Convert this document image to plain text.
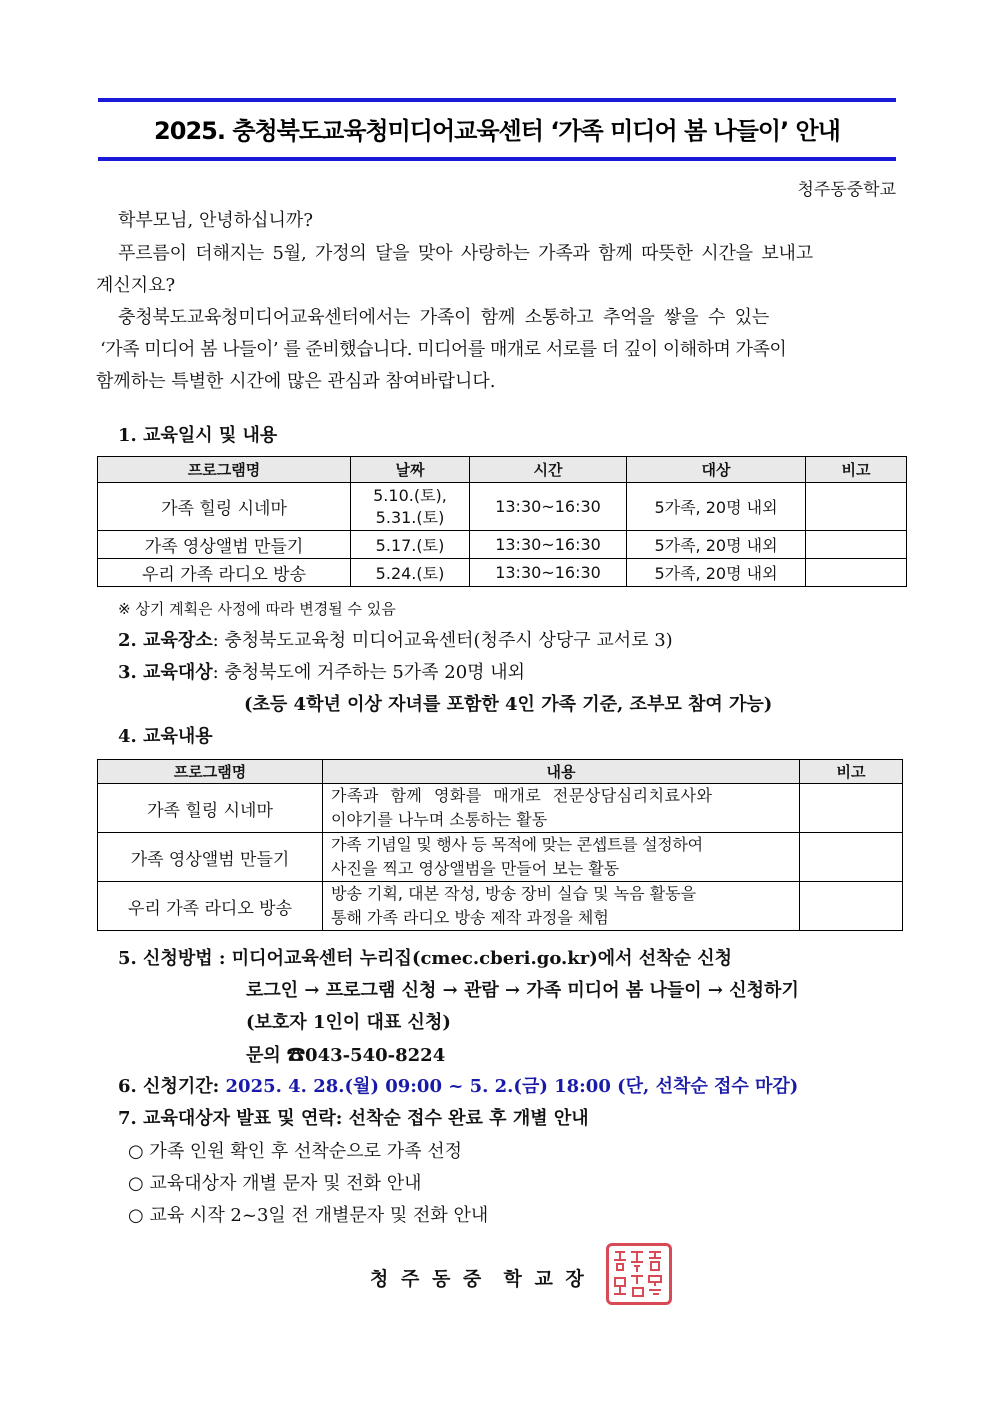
2025. 충청북도교육청미디어교육센터 ‘가족 미디어 봄 나들이’ 안내
청주동중학교
학부모님, 안녕하십니까?
푸르름이 더해지는 5월, 가정의 달을 맞아 사랑하는 가족과 함께 따뜻한 시간을 보내고
계신지요?
충청북도교육청미디어교육센터에서는 가족이 함께 소통하고 추억을 쌓을 수 있는
‘가족 미디어 봄 나들이’ 를 준비했습니다. 미디어를 매개로 서로를 더 깊이 이해하며 가족이
함께하는 특별한 시간에 많은 관심과 참여바랍니다.
1. 교육일시 및 내용
프로그램명	날짜	시간	대상	비고
가족 힐링 시네마	5.10.(토),
5.31.(토)	13:30~16:30	5가족, 20명 내외	
가족 영상앨범 만들기	5.17.(토)	13:30~16:30	5가족, 20명 내외	
우리 가족 라디오 방송	5.24.(토)	13:30~16:30	5가족, 20명 내외	
※ 상기 계획은 사정에 따라 변경될 수 있음
2. 교육장소: 충청북도교육청 미디어교육센터(청주시 상당구 교서로 3)
3. 교육대상: 충청북도에 거주하는 5가족 20명 내외
(초등 4학년 이상 자녀를 포함한 4인 가족 기준, 조부모 참여 가능)
4. 교육내용
프로그램명	내용	비고
가족 힐링 시네마	가족과 함께 영화를 매개로 전문상담심리치료사와
이야기를 나누며 소통하는 활동	

가족 영상앨범 만들기	가족 기념일 및 행사 등 목적에 맞는 콘셉트를 설정하여
사진을 찍고 영상앨범을 만들어 보는 활동	

우리 가족 라디오 방송	방송 기획, 대본 작성, 방송 장비 실습 및 녹음 활동을
통해 가족 라디오 방송 제작 과정을 체험	

5. 신청방법 : 미디어교육센터 누리집(cmec.cberi.go.kr)에서 선착순 신청
로그인 → 프로그램 신청 → 관람 → 가족 미디어 봄 나들이 → 신청하기
(보호자 1인이 대표 신청)
문의 ☎043-540-8224
6. 신청기간: 2025. 4. 28.(월) 09:00 ~ 5. 2.(금) 18:00 (단, 선착순 접수 마감)
7. 교육대상자 발표 및 연락: 선착순 접수 완료 후 개별 안내
○ 가족 인원 확인 후 선착순으로 가족 선정
○ 교육대상자 개별 문자 및 전화 안내
○ 교육 시작 2~3일 전 개별문자 및 전화 안내
청 주 동 중  학 교 장
